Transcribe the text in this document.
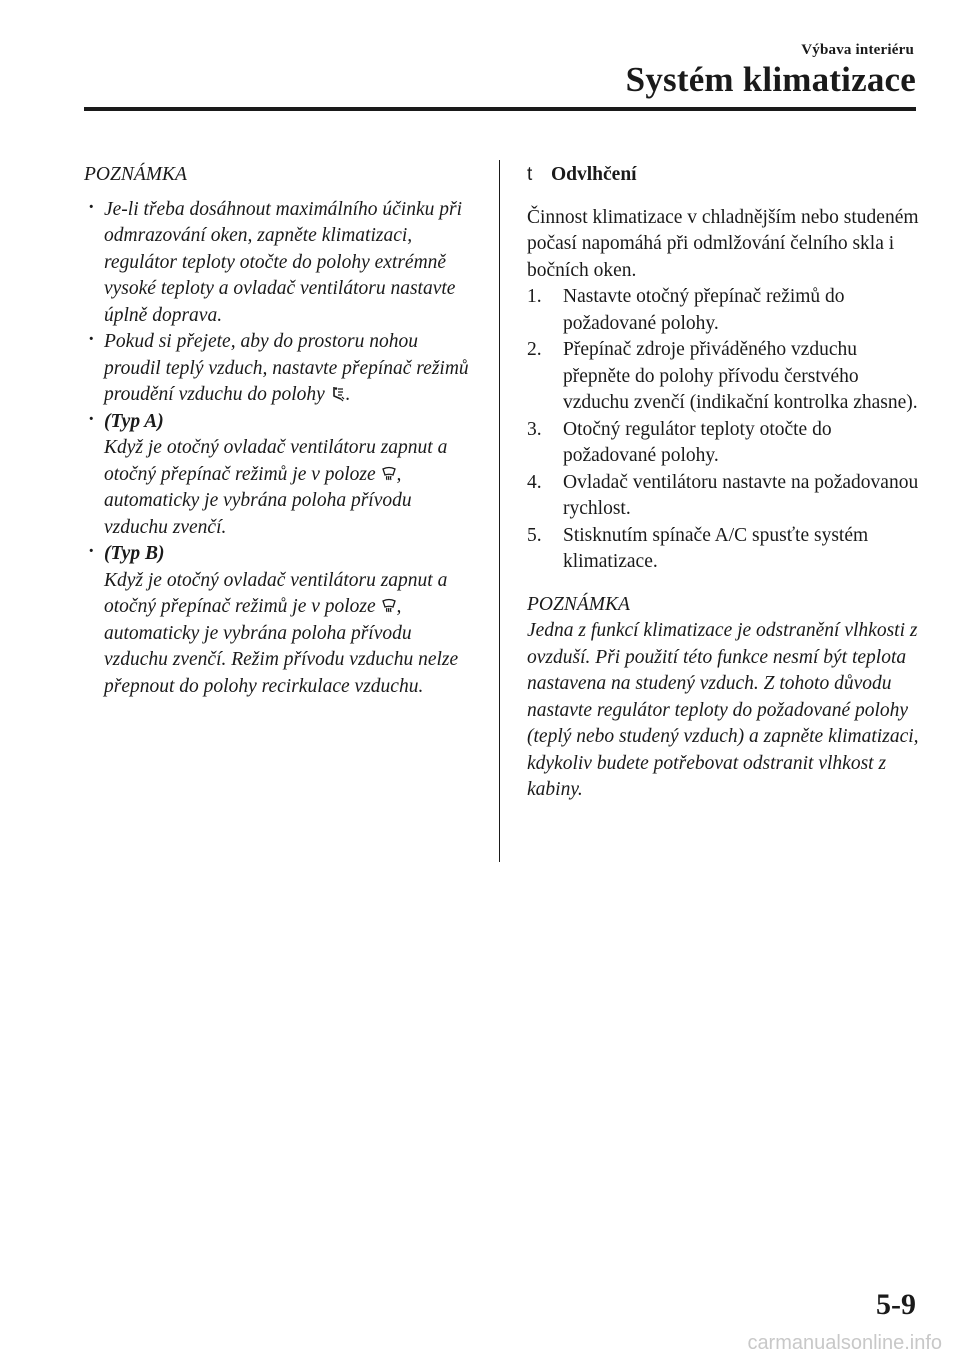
Výbava interiéru
Systém klimatizace
POZNÁMKA
· Je-li třeba dosáhnout maximálního účinku při odmrazování oken, zapněte klimatizaci, regulátor teploty otočte do polohy extrémně vysoké teploty a ovladač ventilátoru nastavte úplně doprava.
· Pokud si přejete, aby do prostoru nohou proudil teplý vzduch, nastavte přepínač režimů proudění vzduchu do polohy .
· (Typ A)
Když je otočný ovladač ventilátoru zapnut a otočný přepínač režimů je v poloze , automaticky je vybrána poloha přívodu vzduchu zvenčí.
· (Typ B)
Když je otočný ovladač ventilátoru zapnut a otočný přepínač režimů je v poloze , automaticky je vybrána poloha přívodu vzduchu zvenčí. Režim přívodu vzduchu nelze přepnout do polohy recirkulace vzduchu.
t Odvlhčení

Činnost klimatizace v chladnějším nebo studeném počasí napomáhá při odmlžování čelního skla i bočních oken.

1. Nastavte otočný přepínač režimů do požadované polohy.
2. Přepínač zdroje přiváděného vzduchu přepněte do polohy přívodu čerstvého vzduchu zvenčí (indikační kontrolka zhasne).
3. Otočný regulátor teploty otočte do požadované polohy.
4. Ovladač ventilátoru nastavte na požadovanou rychlost.
5. Stisknutím spínače A/C spusťte systém klimatizace.
POZNÁMKA

Jedna z funkcí klimatizace je odstranění vlhkosti z ovzduší. Při použití této funkce nesmí být teplota nastavena na studený vzduch. Z tohoto důvodu nastavte regulátor teploty do požadované polohy (teplý nebo studený vzduch) a zapněte klimatizaci, kdykoliv budete potřebovat odstranit vlhkost z kabiny.

5-9
carmanualsonline.info
